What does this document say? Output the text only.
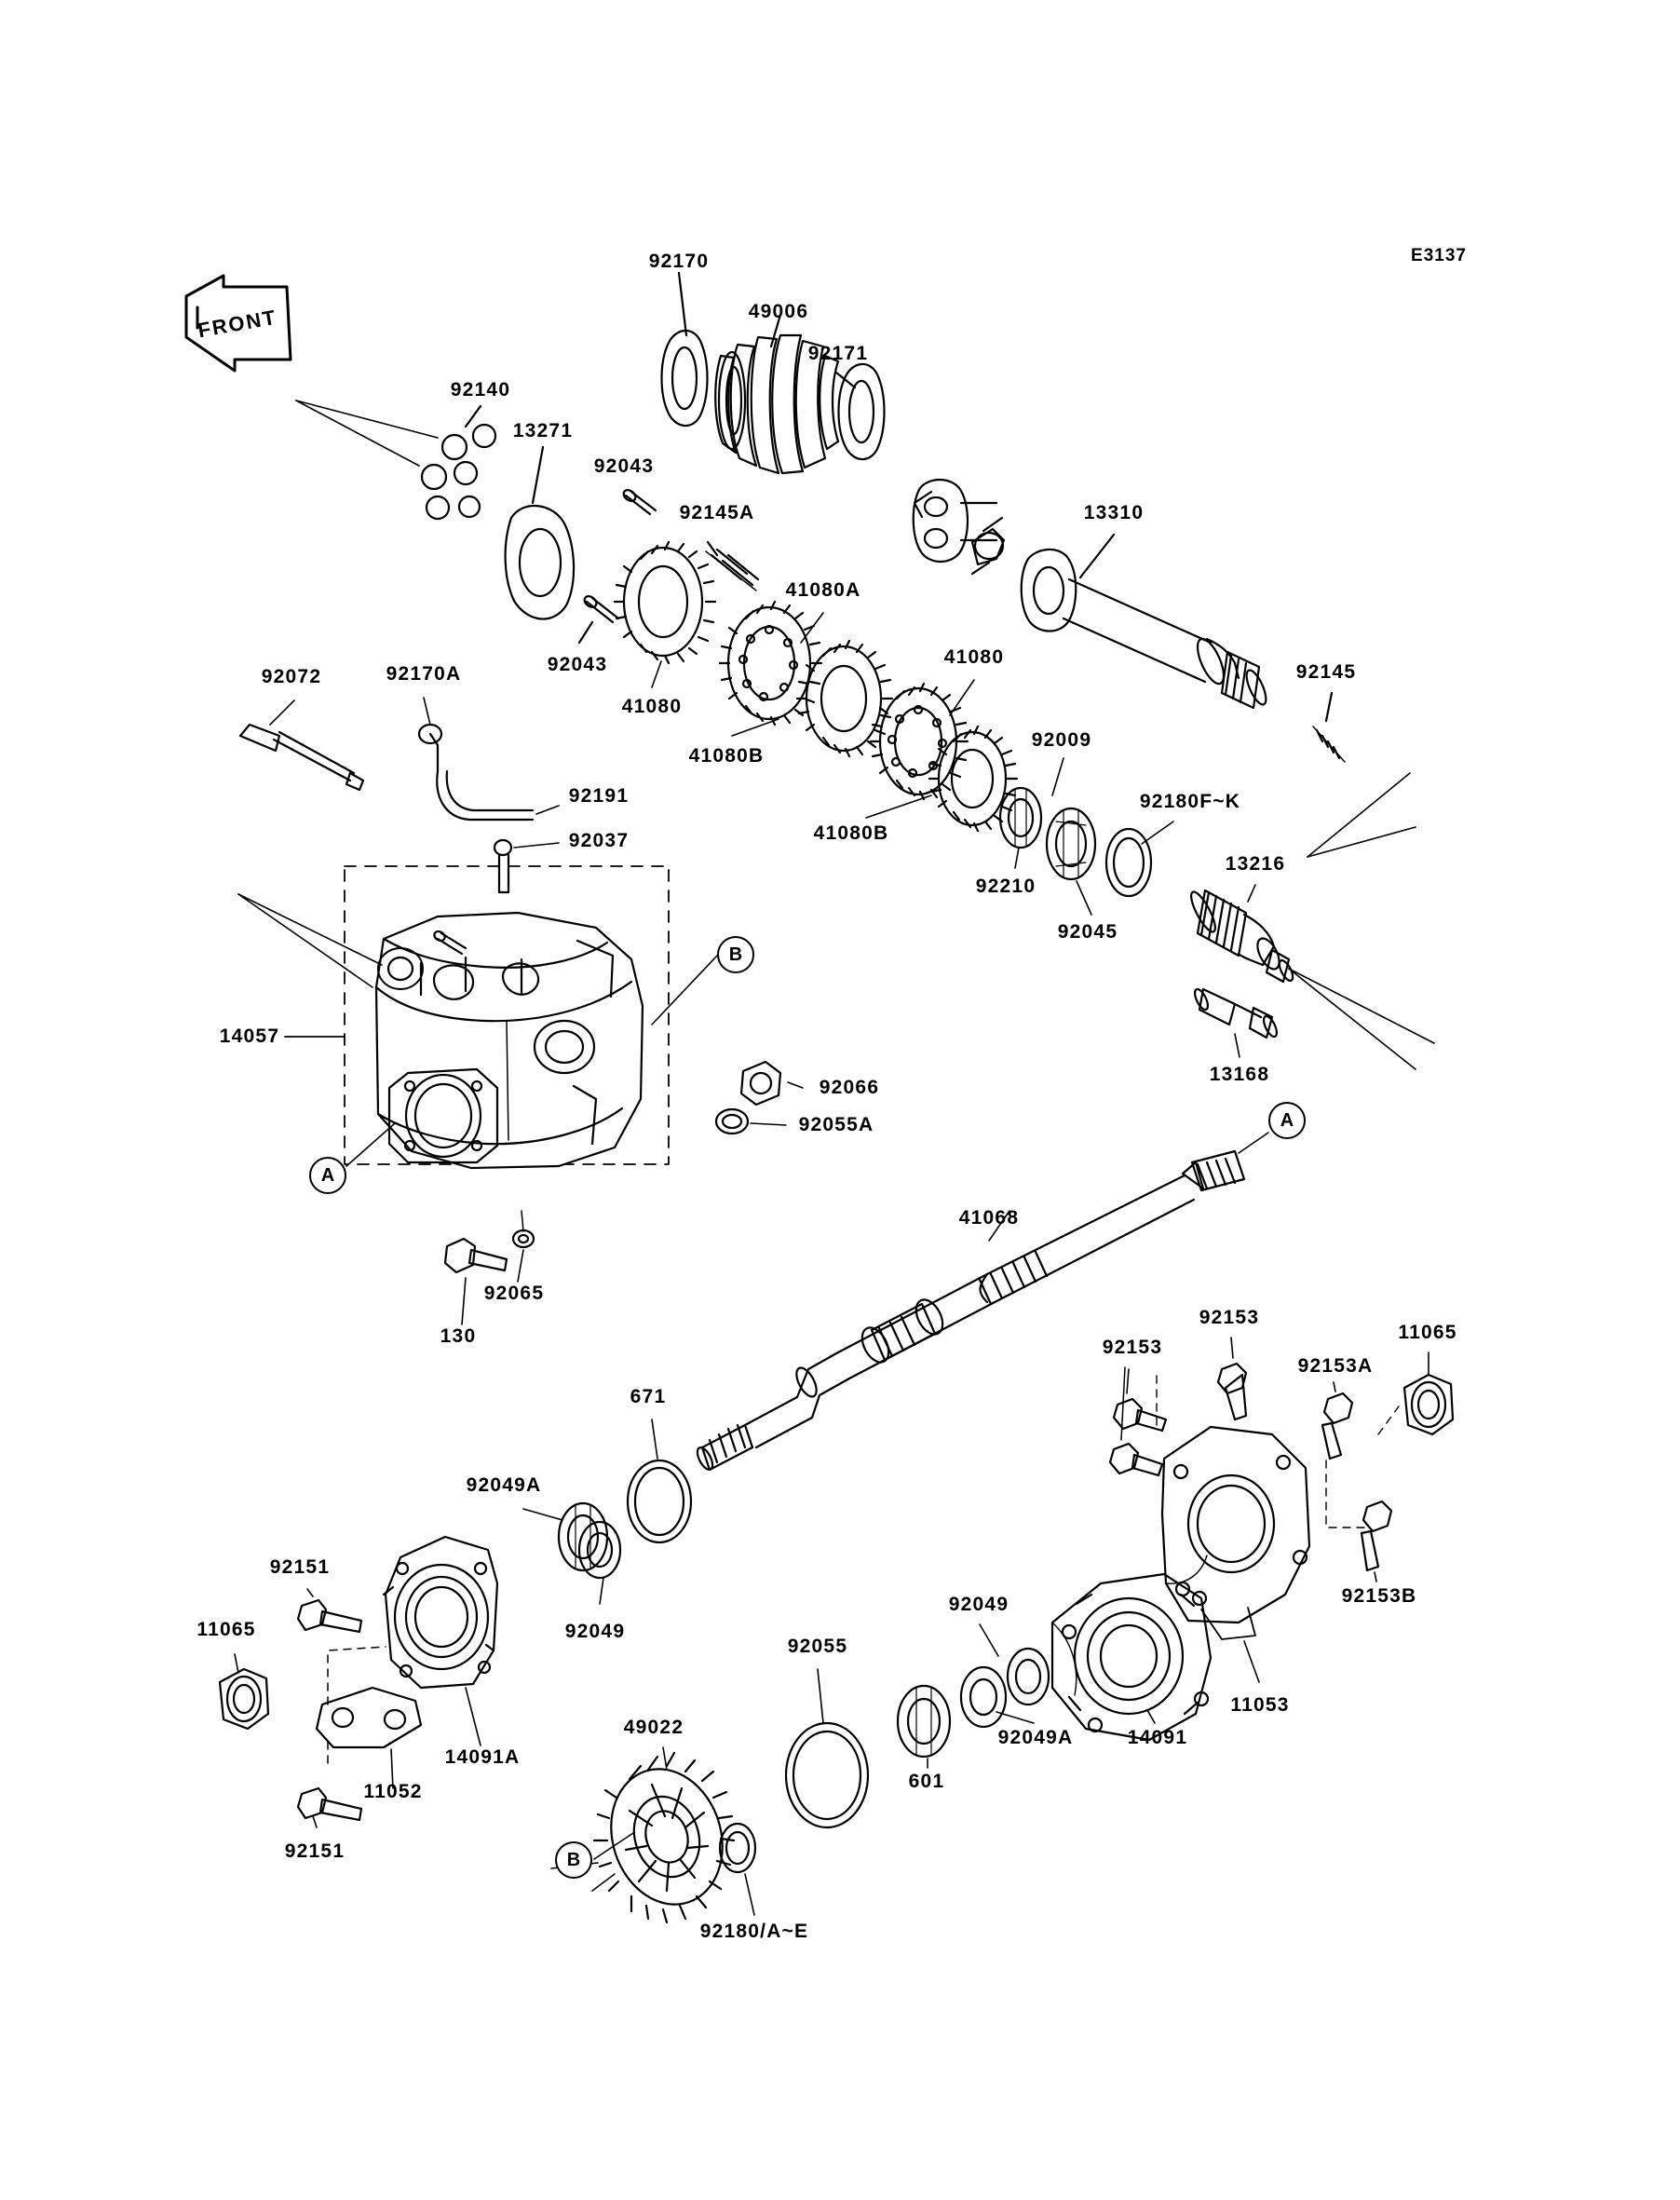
FRONT
E3137
92170
49006
92171
92140
13271
92043
92145A	13310
41080A
41080
92043	92145
41080
41080B
92009
92072	92170A
92180F~K
41080B
92210
13216
92191
92037
92045
13168
14057
92066
92055A
92065
130
41068
92153
11065
92153
92153A
671
92049A
92153B
92151
11065	92049
92049
92055
11053
14091A
49022	92049A	14091
601
11052
92151
92180/A~E
B
A
A
B
